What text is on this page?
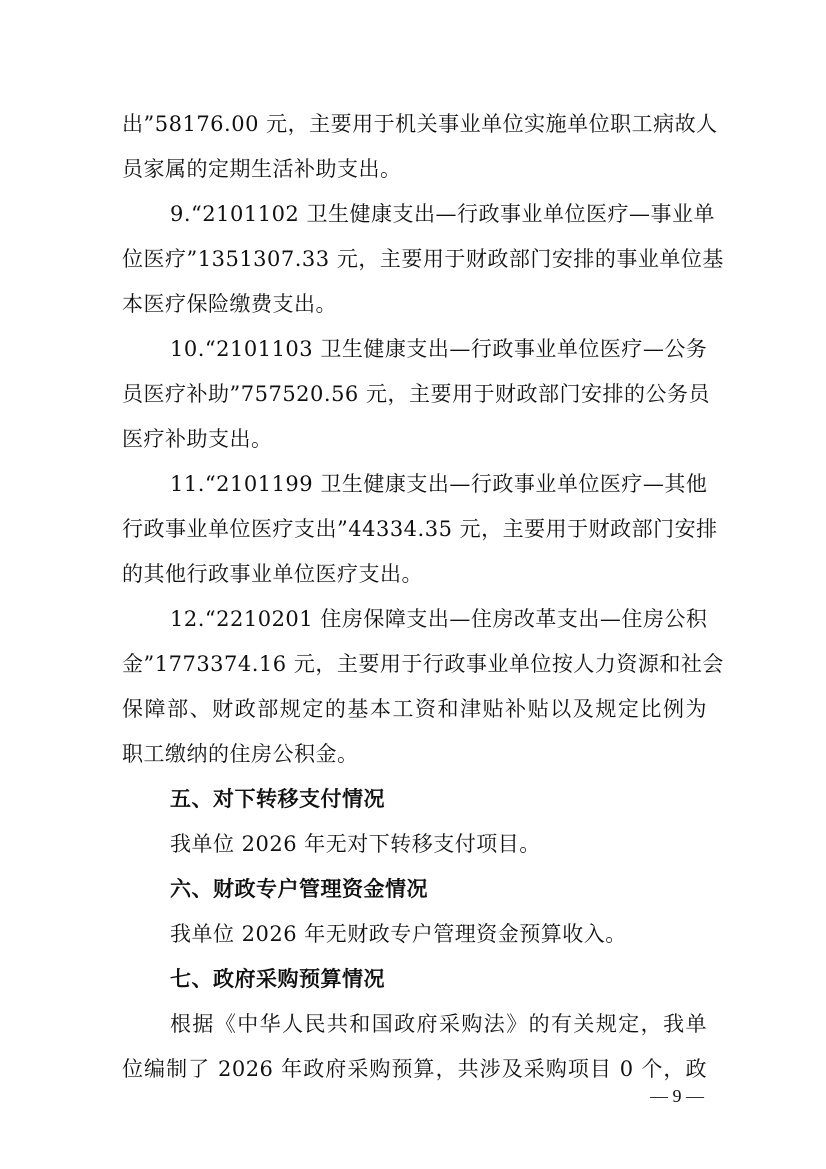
出”58176.00 元，主要用于机关事业单位实施单位职工病故人
员家属的定期生活补助支出。
9.“2101102 卫生健康支出—行政事业单位医疗—事业单
位医疗”1351307.33 元，主要用于财政部门安排的事业单位基
本医疗保险缴费支出。
10.“2101103 卫生健康支出—行政事业单位医疗—公务
员医疗补助”757520.56 元，主要用于财政部门安排的公务员
医疗补助支出。
11.“2101199 卫生健康支出—行政事业单位医疗—其他
行政事业单位医疗支出”44334.35 元，主要用于财政部门安排
的其他行政事业单位医疗支出。
12.“2210201 住房保障支出—住房改革支出—住房公积
金”1773374.16 元，主要用于行政事业单位按人力资源和社会
保障部、财政部规定的基本工资和津贴补贴以及规定比例为
职工缴纳的住房公积金。
五、对下转移支付情况
我单位 2026 年无对下转移支付项目。
六、财政专户管理资金情况
我单位 2026 年无财政专户管理资金预算收入。
七、政府采购预算情况
根据《中华人民共和国政府采购法》的有关规定，我单
位编制了 2026 年政府采购预算，共涉及采购项目 0 个，政
— 9 —
